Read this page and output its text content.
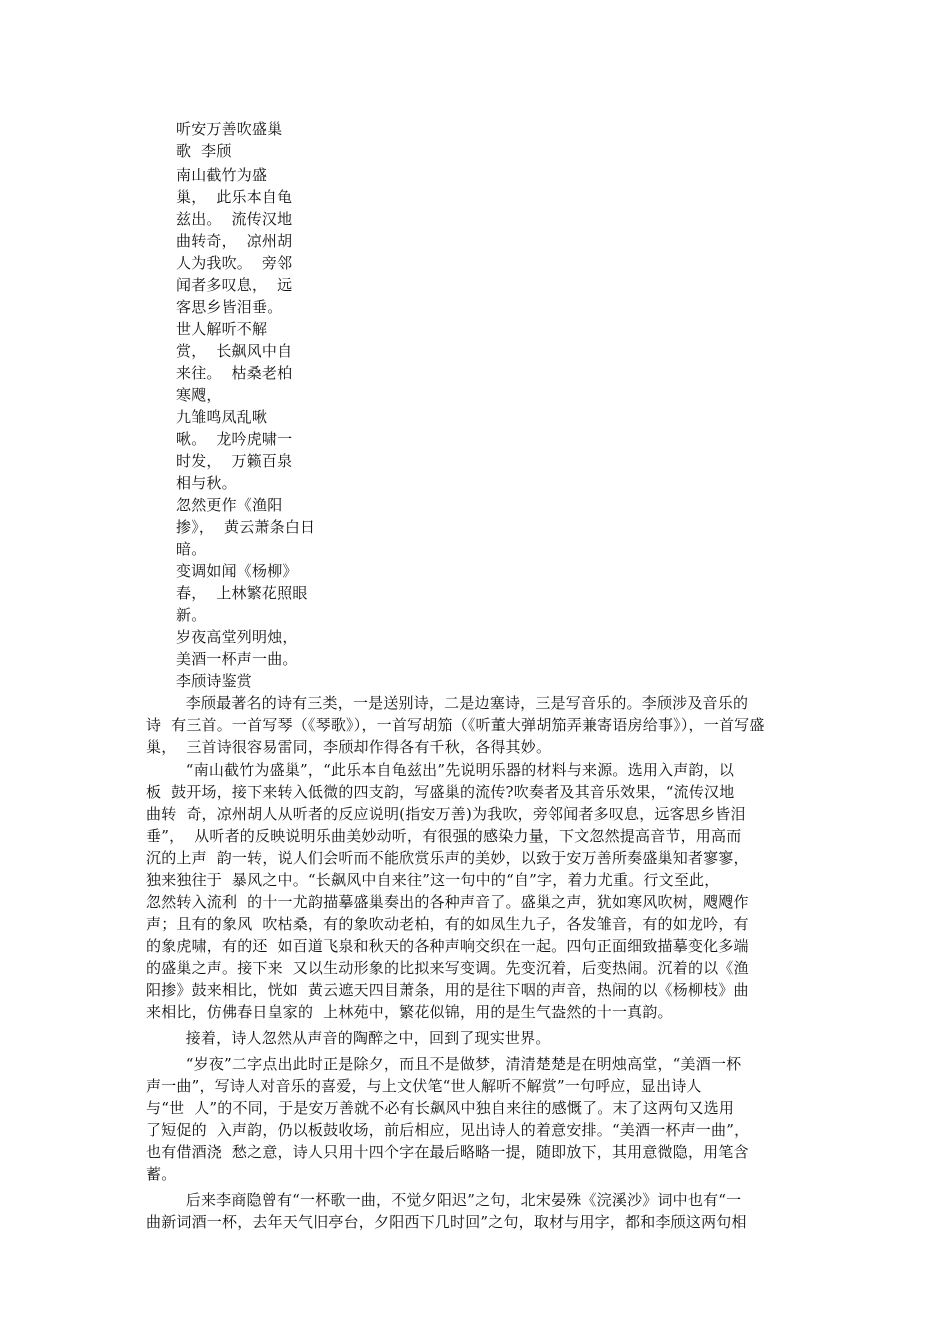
听安万善吹盛巢
歌  李颀
南山截竹为盛
巢，  此乐本自龟
兹出。  流传汉地
曲转奇，  凉州胡
人为我吹。  旁邻
闻者多叹息，  远
客思乡皆泪垂。
世人解听不解
赏，  长飙风中自
来往。  枯桑老柏
寒飕，
九雏鸣凤乱啾
啾。  龙吟虎啸一
时发，  万籁百泉
相与秋。
忽然更作《渔阳
掺》，  黄云萧条白日
暗。
变调如闻《杨柳》
春，  上林繁花照眼
新。
岁夜高堂列明烛，
美酒一杯声一曲。
李颀诗鉴赏
李颀最著名的诗有三类，一是送别诗，二是边塞诗，三是写音乐的。李颀涉及音乐的
诗  有三首。一首写琴（《琴歌》），一首写胡笳（《听董大弹胡笳弄兼寄语房给事》），一首写盛
巢，  三首诗很容易雷同，李颀却作得各有千秋，各得其妙。
“南山截竹为盛巢”，“此乐本自龟兹出”先说明乐器的材料与来源。选用入声韵，以
板  鼓开场，接下来转入低微的四支韵，写盛巢的流传?吹奏者及其音乐效果，“流传汉地
曲转  奇，凉州胡人从听者的反应说明(指安万善)为我吹，旁邻闻者多叹息，远客思乡皆泪
垂”，  从听者的反映说明乐曲美妙动听，有很强的感染力量，下文忽然提高音节，用高而
沉的上声  韵一转，说人们会听而不能欣赏乐声的美妙，以致于安万善所奏盛巢知者寥寥，
独来独往于  暴风之中。“长飙风中自来往”这一句中的“自”字，着力尤重。行文至此，
忽然转入流利  的十一尤韵描摹盛巢奏出的各种声音了。盛巢之声，犹如寒风吹树，飕飕作
声；且有的象风  吹枯桑，有的象吹动老柏，有的如凤生九子，各发雏音，有的如龙吟，有
的象虎啸，有的还  如百道飞泉和秋天的各种声响交织在一起。四句正面细致描摹变化多端
的盛巢之声。接下来  又以生动形象的比拟来写变调。先变沉着，后变热闹。沉着的以《渔
阳掺》鼓来相比，恍如  黄云遮天四目萧条，用的是往下咽的声音，热闹的以《杨柳枝》曲
来相比，仿佛春日皇家的  上林苑中，繁花似锦，用的是生气盎然的十一真韵。
接着，诗人忽然从声音的陶醉之中，回到了现实世界。
“岁夜”二字点出此时正是除夕，而且不是做梦，清清楚楚是在明烛高堂，“美酒一杯
声一曲”，写诗人对音乐的喜爱，与上文伏笔“世人解听不解赏”一句呼应，显出诗人
与“世  人”的不同，于是安万善就不必有长飙风中独自来往的感慨了。末了这两句又选用
了短促的  入声韵，仍以板鼓收场，前后相应，见出诗人的着意安排。“美酒一杯声一曲”，
也有借酒浇  愁之意，诗人只用十四个字在最后略略一提，随即放下，其用意微隐，用笔含
蓄。
后来李商隐曾有“一杯歌一曲，不觉夕阳迟”之句，北宋晏殊《浣溪沙》词中也有“一
曲新词酒一杯，去年天气旧亭台，夕阳西下几时回”之句，取材与用字，都和李颀这两句相
